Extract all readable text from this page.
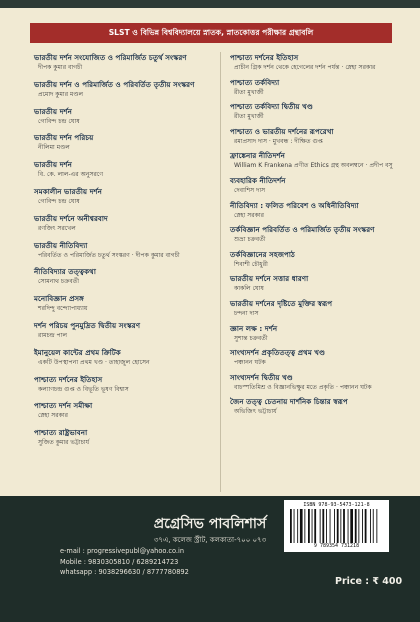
SLST ও বিভিন্ন বিশ্ববিদ্যালয়ে স্নাতক, স্নাতকোত্তর পরীক্ষার গ্রন্থাবলি
ভারতীয় দর্শন সংযোজিত ও পরিমার্জিত চতুর্থ সংস্করণ
দীপক কুমার বাগচী
ভারতীয় দর্শন ও পরিমার্জিত ও পরিবর্তিত তৃতীয় সংস্করণ
প্রমোদ কুমার মণ্ডল
ভারতীয় দর্শন
গোবিন্দ চন্দ্র ঘোষ
ভারতীয় দর্শন পরিচয়
নীলিমা মণ্ডল
ভারতীয় দর্শন
বি. কে. লাল-এর অনুসরণে
সমকালীন ভারতীয় দর্শন
গোবিন্দ চন্দ্র ঘোষ
ভারতীয় দর্শনে অনীশ্বরবাদ
রণজিৎ সরখেল
ভারতীয় নীতিবিদ্যা
পরিবর্তিত ও পরিমার্জিত চতুর্থ সংস্করণ · দীপক কুমার বাগচী
নীতিবিদ্যার তত্ত্বকথা
সোমনাথ চক্রবর্তী
মনোবিজ্ঞান প্রসঙ্গ
শরদিন্দু বন্দ্যোপাধ্যায়
দর্শন পরিচয় পুনমুদ্রিত দ্বিতীয় সংস্করণ
রামচন্দ্র পাল
ইমানুয়েল কান্টের প্রথম ক্রিটিক
একটি উপস্থাপনা প্রথম খণ্ড · তাহাজুল হোসেন
পাশ্চাত্য দর্শনের ইতিহাস
কল্যাণচন্দ্র গুপ্ত ও বিভূতি ভূষণ বিশ্বাস
পাশ্চাত্য দর্শন সমীক্ষা
স্নেহা সরকার
পাশ্চাত্য রাষ্ট্রভাবনা
সুজিত কুমার ভট্টাচার্য
পাশ্চাত্য দর্শনের ইতিহাস
প্রাচীন গ্রিক দর্শন থেকে হেগেলের দর্শন পর্যন্ত · স্নেহা সরকার
পাশ্চাত্য তর্কবিদ্যা
রীতা মুখার্জী
পাশ্চাত্য তর্কবিদ্যা দ্বিতীয় খণ্ড
রীতা মুখার্জী
পাশ্চাত্য ও ভারতীয় দর্শনের রূপরেখা
রমাপ্রসাদ দাস · মুখবন্ধ : দীক্ষিত গুপ্ত
ফ্রাঙ্কেনার নীতিদর্শন
William K Frankena প্রণীত Ethics গ্রন্থ অবলম্বনে · প্রদীপ বসু
ব্যবহারিক নীতিদর্শন
দেবাশিস দাস
নীতিবিদ্যা : ফলিত পরিবেশ ও অধিনীতিবিদ্যা
স্নেহা সরকার
তর্কবিজ্ঞান পরিবর্তিত ও পরিমার্জিত তৃতীয় সংস্করণ
শুভ্রা চক্রবর্তী
তর্কবিজ্ঞানের সহজপাঠ
শিবাশী চৌধুরী
ভারতীয় দর্শনে সত্তার ধারণা
কাকলি ঘোষ
ভারতীয় দর্শনের দৃষ্টিতে মুক্তির স্বরূপ
চন্দনা দাস
জ্ঞান লক্ষ : দর্শন
সুশান্ত চক্রবর্তী
সাংখ্যদর্শন প্রকৃতিতত্ত্ব প্রথম খণ্ড
পঞ্চানন ঘটক
সাংখ্যদর্শন দ্বিতীয় খণ্ড
বাচস্পতিমিশ্র ও বিজ্ঞানভিক্ষুর মতে প্রকৃতি · পঞ্চানন ঘটক
জৈন তত্ত্ব চেতনায় দার্শনিক চিন্তার স্বরূপ
অভিজিৎ ভট্টাচার্য
প্রগ্রেসিভ পাবলিশার্স
৩৭এ, কলেজ স্ট্রীট, কলকাতা-৭০০ ০৭৩
e-mail : progressivepubl@yahoo.co.in
Mobile : 9830305810 / 6289214723
whatsapp : 9038296630 / 8777780892
ISBN 978-93-5473-121-8
9 789354 731218
Price : ₹ 400
